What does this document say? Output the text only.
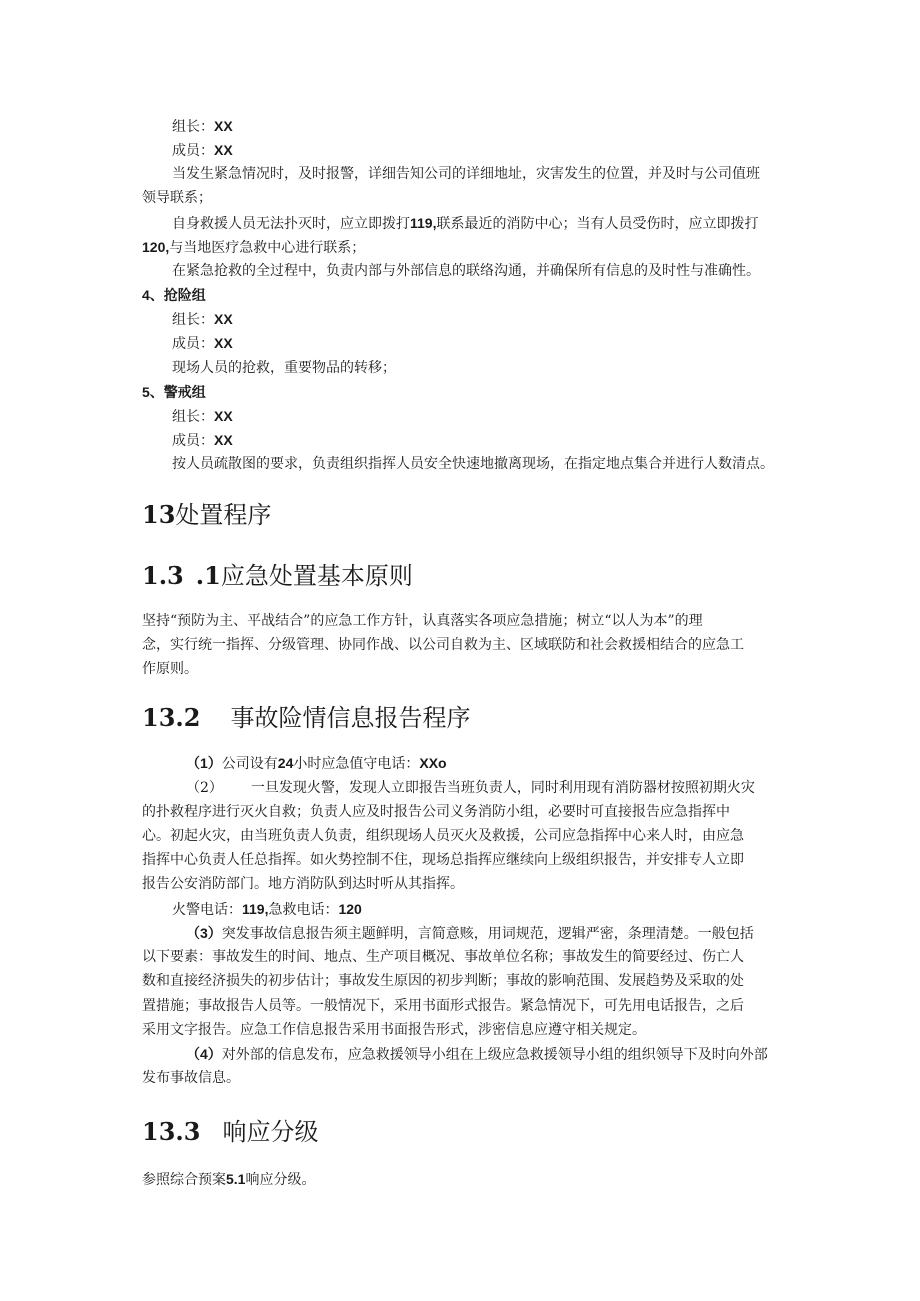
组长：XX
成员：XX
当发生紧急情况时，及时报警，详细告知公司的详细地址，灾害发生的位置，并及时与公司值班
领导联系；
自身救援人员无法扑灭时，应立即拨打119,联系最近的消防中心；当有人员受伤时，应立即拨打
120,与当地医疗急救中心进行联系；
在紧急抢救的全过程中，负责内部与外部信息的联络沟通，并确保所有信息的及时性与准确性。
4、抢险组
组长：XX
成员：XX
现场人员的抢救，重要物品的转移；
5、警戒组
组长：XX
成员：XX
按人员疏散图的要求，负责组织指挥人员安全快速地撤离现场，在指定地点集合并进行人数清点。
13处置程序
1.3 .1应急处置基本原则
坚持“预防为主、平战结合”的应急工作方针，认真落实各项应急措施；树立“以人为本”的理
念，实行统一指挥、分级管理、协同作战、以公司自救为主、区域联防和社会救援相结合的应急工
作原则。
13.2 事故险情信息报告程序
（1）公司设有24小时应急值守电话：XXo
（2） 一旦发现火警，发现人立即报告当班负责人，同时利用现有消防器材按照初期火灾
的扑救程序进行灭火自救；负责人应及时报告公司义务消防小组，必要时可直接报告应急指挥中
心。初起火灾，由当班负责人负责，组织现场人员灭火及救援，公司应急指挥中心来人时，由应急
指挥中心负责人任总指挥。如火势控制不住，现场总指挥应继续向上级组织报告，并安排专人立即
报告公安消防部门。地方消防队到达时听从其指挥。
火警电话：119,急救电话：120
（3）突发事故信息报告须主题鲜明，言简意赅，用词规范，逻辑严密，条理清楚。一般包括
以下要素：事故发生的时间、地点、生产项目概况、事故单位名称；事故发生的简要经过、伤亡人
数和直接经济损失的初步估计；事故发生原因的初步判断；事故的影响范围、发展趋势及采取的处
置措施；事故报告人员等。一般情况下，采用书面形式报告。紧急情况下，可先用电话报告，之后
采用文字报告。应急工作信息报告采用书面报告形式，涉密信息应遵守相关规定。
（4）对外部的信息发布，应急救援领导小组在上级应急救援领导小组的组织领导下及时向外部
发布事故信息。
13.3 响应分级
参照综合预案5.1响应分级。
